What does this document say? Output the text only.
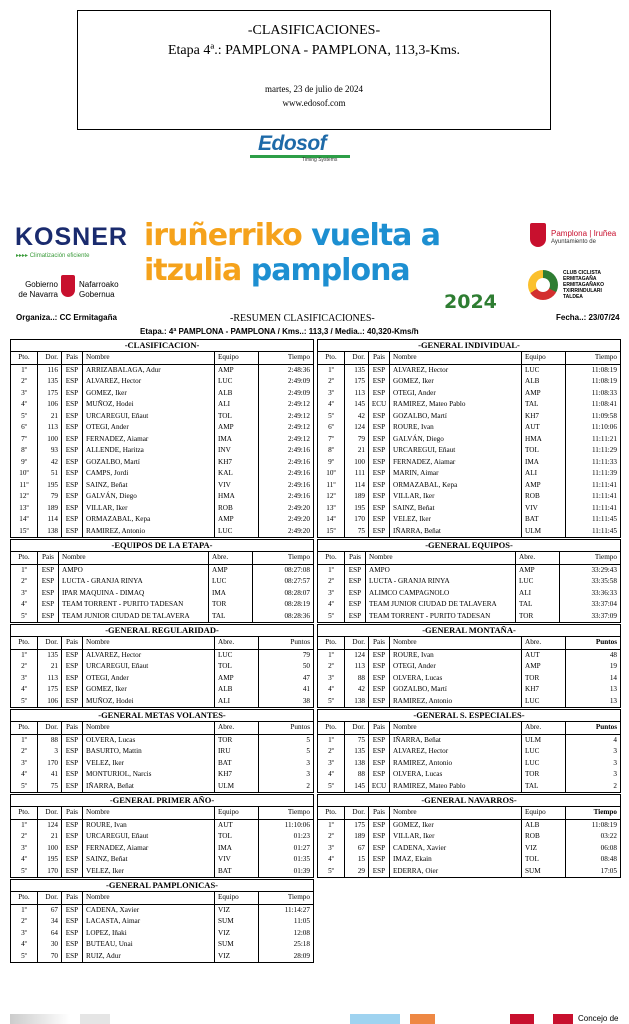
-CLASIFICACIONES-
Etapa 4ª.: PAMPLONA - PAMPLONA, 113,3-Kms.
martes, 23 de julio de 2024
www.edosof.com
Edosof
Timing Systems
KOSNER
▸▸▸▸ Climatización eficiente
Gobierno
de Navarra
Nafarroako
Gobernua
iruñerriko vuelta a
itzulia pamplona
2024
Pamplona | Iruñea
Ayuntamiento de
CLUB CICLISTA ERMITAGAÑA ERMITAGAÑAKO TXIRRINDULARI TALDEA
Organiza..: CC Ermitagaña	-RESUMEN CLASIFICACIONES-	Fecha..: 23/07/24
Etapa.: 4ª PAMPLONA - PAMPLONA / Kms..: 113,3 / Media..: 40,320-Kms/h
-CLASIFICACION-
Pto.	Dor.	Pais	Nombre	Equipo	Tiempo
1º	116	ESP	ARRIZABALAGA, Adur	AMP	2:48:36
2º	135	ESP	ALVAREZ, Hector	LUC	2:49:09
3º	175	ESP	GOMEZ, Iker	ALB	2:49:09
4º	106	ESP	MUÑOZ, Hodei	ALI	2:49:12
5º	21	ESP	URCAREGUI, Eñaut	TOL	2:49:12
6º	113	ESP	OTEGI, Ander	AMP	2:49:12
7º	100	ESP	FERNADEZ, Aiamar	IMA	2:49:12
8º	93	ESP	ALLENDE, Haritza	INV	2:49:16
9º	42	ESP	GOZALBO, Martí	KH7	2:49:16
10º	51	ESP	CAMPS, Jordi	KAL	2:49:16
11º	195	ESP	SAINZ, Beñat	VIV	2:49:16
12º	79	ESP	GALVÁN, Diego	HMA	2:49:16
13º	189	ESP	VILLAR, Iker	ROB	2:49:20
14º	114	ESP	ORMAZABAL, Kepa	AMP	2:49:20
15º	138	ESP	RAMIREZ, Antonio	LUC	2:49:20
-EQUIPOS DE LA ETAPA-
Pto.	Pais	Nombre	Abre.	Tiempo
1º	ESP	AMPO	AMP	08:27:08
2º	ESP	LUCTA - GRANJA RINYA	LUC	08:27:57
3º	ESP	IPAR MAQUINA - DIMAQ	IMA	08:28:07
4º	ESP	TEAM TORRENT - PURITO TADESAN	TOR	08:28:19
5º	ESP	TEAM JUNIOR CIUDAD DE TALAVERA	TAL	08:28:36
-GENERAL REGULARIDAD-
Pto.	Dor.	Pais	Nombre	Abre.	Puntos
1º	135	ESP	ALVAREZ, Hector	LUC	79
2º	21	ESP	URCAREGUI, Eñaut	TOL	50
3º	113	ESP	OTEGI, Ander	AMP	47
4º	175	ESP	GOMEZ, Iker	ALB	41
5º	106	ESP	MUÑOZ, Hodei	ALI	38
-GENERAL METAS VOLANTES-
Pto.	Dor.	Pais	Nombre	Abre.	Puntos
1º	88	ESP	OLVERA, Lucas	TOR	5
2º	3	ESP	BASURTO, Mattin	IRU	5
3º	170	ESP	VELEZ, Iker	BAT	3
4º	41	ESP	MONTURIOL, Narcis	KH7	3
5º	75	ESP	IÑARRA, Beñat	ULM	2
-GENERAL PRIMER AÑO-
Pto.	Dor.	Pais	Nombre	Equipo	Tiempo
1º	124	ESP	ROURE, Ivan	AUT	11:10:06
2º	21	ESP	URCAREGUI, Eñaut	TOL	01:23
3º	100	ESP	FERNADEZ, Aiamar	IMA	01:27
4º	195	ESP	SAINZ, Beñat	VIV	01:35
5º	170	ESP	VELEZ, Iker	BAT	01:39
-GENERAL PAMPLONICAS-
Pto.	Dor.	Pais	Nombre	Equipo	Tiempo
1º	67	ESP	CADENA, Xavier	VIZ	11:14:27
2º	34	ESP	LACASTA, Aimar	SUM	11:05
3º	64	ESP	LOPEZ, Iñaki	VIZ	12:08
4º	30	ESP	BUTEAU, Unai	SUM	25:18
5º	70	ESP	RUIZ, Adur	VIZ	28:09
-GENERAL INDIVIDUAL-
Pto.	Dor.	Pais	Nombre	Equipo	Tiempo
1º	135	ESP	ALVAREZ, Hector	LUC	11:08:19
2º	175	ESP	GOMEZ, Iker	ALB	11:08:19
3º	113	ESP	OTEGI, Ander	AMP	11:08:33
4º	145 ECU RAMIREZ, Mateo Pablo	TAL	11:08:41
5º	42	ESP	GOZALBO, Martí	KH7	11:09:58
6º	124	ESP	ROURE, Ivan	AUT	11:10:06
7º	79	ESP	GALVÁN, Diego	HMA	11:11:21
8º	21	ESP	URCAREGUI, Eñaut	TOL	11:11:29
9º	100	ESP	FERNADEZ, Aiamar	IMA	11:11:33
10º	111	ESP	MARIN, Aimar	ALI	11:11:39
11º	114	ESP	ORMAZABAL, Kepa	AMP	11:11:41
12º	189	ESP	VILLAR, Iker	ROB	11:11:41
13º	195	ESP	SAINZ, Beñat	VIV	11:11:41
14º	170	ESP	VELEZ, Iker	BAT	11:11:45
15º	75	ESP	IÑARRA, Beñat	ULM	11:11:45
-GENERAL EQUIPOS-
Pto.	Pais	Nombre	Abre.	Tiempo
1º	ESP	AMPO	AMP	33:29:43
2º	ESP	LUCTA - GRANJA RINYA	LUC	33:35:58
3º	ESP	ALIMCO CAMPAGNOLO	ALI	33:36:33
4º	ESP	TEAM JUNIOR CIUDAD DE TALAVERA	TAL	33:37:04
5º	ESP	TEAM TORRENT - PURITO TADESAN	TOR	33:37:09
-GENERAL MONTAÑA-
Pto.	Dor.	Pais	Nombre	Abre.	Puntos
1º	124	ESP	ROURE, Ivan	AUT	48
2º	113	ESP	OTEGI, Ander	AMP	19
3º	88	ESP	OLVERA, Lucas	TOR	14
4º	42	ESP	GOZALBO, Martí	KH7	13
5º	138	ESP	RAMIREZ, Antonio	LUC	13
-GENERAL S. ESPECIALES-
Pto.	Dor.	Pais	Nombre	Abre.	Puntos
1º	75	ESP	IÑARRA, Beñat	ULM	4
2º	135	ESP	ALVAREZ, Hector	LUC	3
3º	138	ESP	RAMIREZ, Antonio	LUC	3
4º	88	ESP	OLVERA, Lucas	TOR	3
5º	145 ECU RAMIREZ, Mateo Pablo	TAL	2
-GENERAL NAVARROS-
Pto.	Dor.	Pais	Nombre	Equipo	Tiempo
1º	175	ESP	GOMEZ, Iker	ALB	11:08:19
2º	189	ESP	VILLAR, Iker	ROB	03:22
3º	67	ESP	CADENA, Xavier	VIZ	06:08
4º	15	ESP	IMAZ, Ekain	TOL	08:48
5º	29	ESP	EDERRA, Oier	SUM	17:05
Concejo de
